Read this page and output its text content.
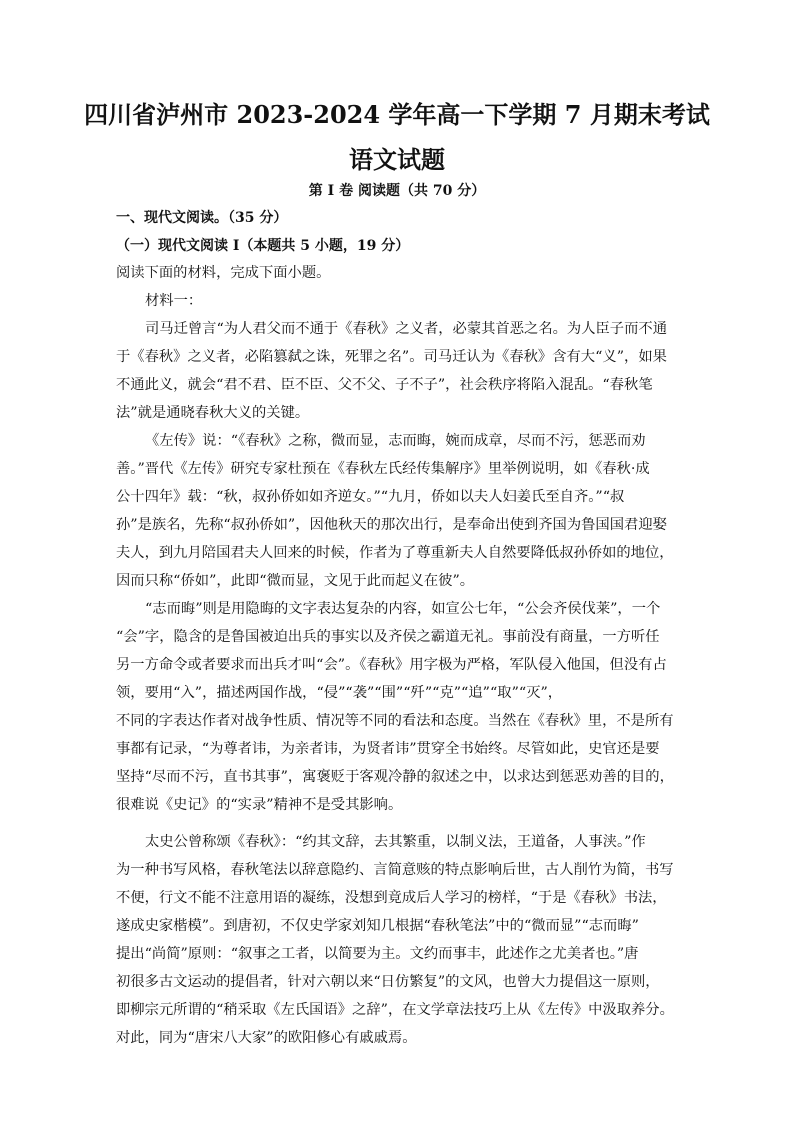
四川省泸州市 2023-2024 学年高一下学期 7 月期末考试
语文试题
第 I 卷 阅读题（共 70 分）
一、现代文阅读。（35 分）
（一）现代文阅读 I（本题共 5 小题，19 分）
阅读下面的材料，完成下面小题。
材料一：
司马迁曾言“为人君父而不通于《春秋》之义者，必蒙其首恶之名。为人臣子而不通
于《春秋》之义者，必陷篡弑之诛，死罪之名”。司马迁认为《春秋》含有大“义”，如果
不通此义，就会“君不君、臣不臣、父不父、子不子”，社会秩序将陷入混乱。“春秋笔
法”就是通晓春秋大义的关键。
《左传》说：“《春秋》之称，微而显，志而晦，婉而成章，尽而不污，惩恶而劝
善。”晋代《左传》研究专家杜预在《春秋左氏经传集解序》里举例说明，如《春秋·成
公十四年》载：“秋，叔孙侨如如齐逆女。”“九月，侨如以夫人妇姜氏至自齐。”“叔
孙”是族名，先称“叔孙侨如”，因他秋天的那次出行，是奉命出使到齐国为鲁国国君迎娶
夫人，到九月陪国君夫人回来的时候，作者为了尊重新夫人自然要降低叔孙侨如的地位，
因而只称“侨如”，此即“微而显，文见于此而起义在彼”。
“志而晦”则是用隐晦的文字表达复杂的内容，如宣公七年，“公会齐侯伐莱”，一个
“会”字，隐含的是鲁国被迫出兵的事实以及齐侯之霸道无礼。事前没有商量，一方听任
另一方命令或者要求而出兵才叫“会”。《春秋》用字极为严格，军队侵入他国，但没有占
领，要用“入”，描述两国作战，“侵”“袭”“围”“歼”“克”“追”“取”“灭”，
不同的字表达作者对战争性质、情况等不同的看法和态度。当然在《春秋》里，不是所有
事都有记录，“为尊者讳，为亲者讳，为贤者讳”贯穿全书始终。尽管如此，史官还是要
坚持“尽而不污，直书其事”，寓褒贬于客观冷静的叙述之中，以求达到惩恶劝善的目的，
很难说《史记》的“实录”精神不是受其影响。
太史公曾称颂《春秋》：“约其文辞，去其繁重，以制义法，王道备，人事浃。”作
为一种书写风格，春秋笔法以辞意隐约、言简意赅的特点影响后世，古人削竹为简，书写
不便，行文不能不注意用语的凝练，没想到竟成后人学习的榜样，“于是《春秋》书法，
遂成史家楷模”。到唐初，不仅史学家刘知几根据“春秋笔法”中的“微而显”“志而晦”
提出“尚简”原则：“叙事之工者，以简要为主。文约而事丰，此述作之尤美者也。”唐
初很多古文运动的提倡者，针对六朝以来“日仿繁复”的文风，也曾大力提倡这一原则，
即柳宗元所谓的“稍采取《左氏国语》之辞”，在文学章法技巧上从《左传》中汲取养分。
对此，同为“唐宋八大家”的欧阳修心有戚戚焉。
